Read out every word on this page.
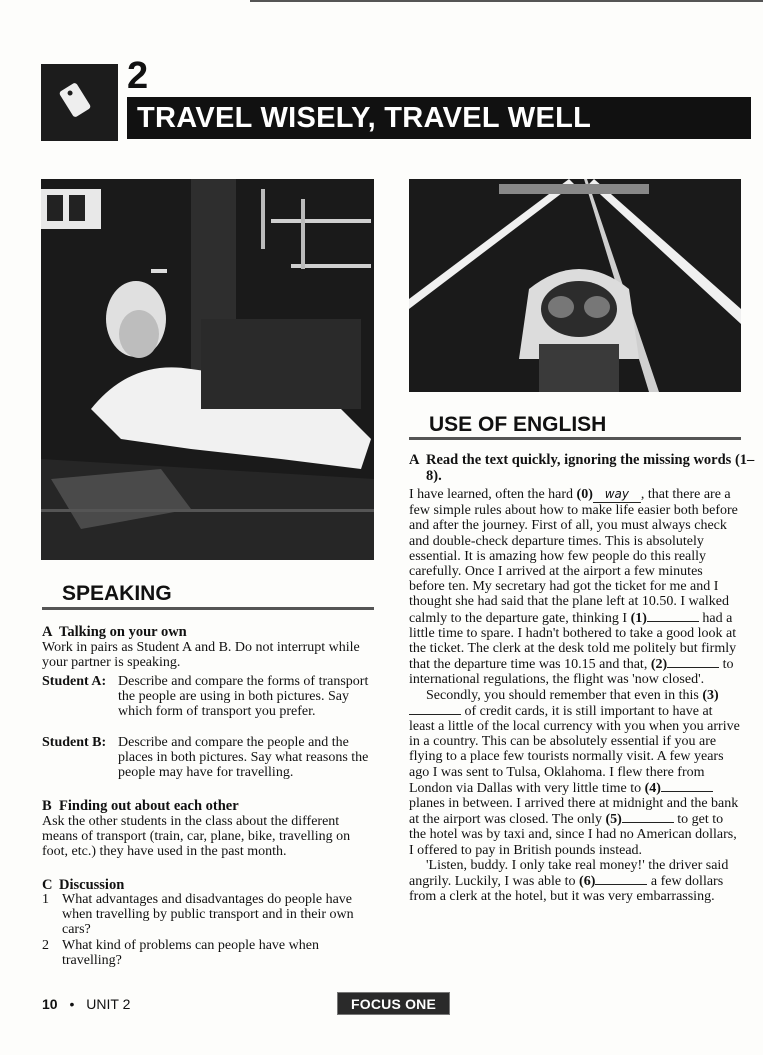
2
TRAVEL WISELY, TRAVEL WELL
SPEAKING
A Talking on your own

Work in pairs as Student A and B. Do not interrupt while your partner is speaking.

Student A: Describe and compare the forms of transport the people are using in both pictures. Say which form of transport you prefer.

Student B: Describe and compare the people and the places in both pictures. Say what reasons the people may have for travelling.

B Finding out about each other

Ask the other students in the class about the different means of transport (train, car, plane, bike, travelling on foot, etc.) they have used in the past month.

C Discussion
1 What advantages and disadvantages do people have when travelling by public transport and in their own cars?

2 What kind of problems can people have when travelling?

USE OF ENGLISH
A Read the text quickly, ignoring the missing words (1–8).

I have learned, often the hard (0) way , that there are a few simple rules about how to make life easier both before and after the journey. First of all, you must always check and double-check departure times. This is absolutely essential. It is amazing how few people do this really carefully. Once I arrived at the airport a few minutes before ten. My secretary had got the ticket for me and I thought she had said that the plane left at 10.50. I walked calmly to the departure gate, thinking I (1)	had a little time to spare. I hadn't bothered to take a good look at the ticket. The clerk at the desk told me politely but firmly that the departure time was 10.15 and that, (2)	to international regulations, the flight was 'now closed'.

Secondly, you should remember that even in this (3) of credit cards, it is still important to have at least a little of the local currency with you when you arrive in a country. This can be absolutely essential if you are flying to a place few tourists normally visit. A few years ago I was sent to Tulsa, Oklahoma. I flew there from London via Dallas with very little time to (4) planes in between. I arrived there at midnight and the bank at the airport was closed. The only (5)	to get to the hotel was by taxi and, since I had no American dollars, I offered to pay in British pounds instead.

'Listen, buddy. I only take real money!' the driver said angrily. Luckily, I was able to (6)	a few dollars from a clerk at the hotel, but it was very embarrassing.

10 • UNIT 2	FOCUS ONE
